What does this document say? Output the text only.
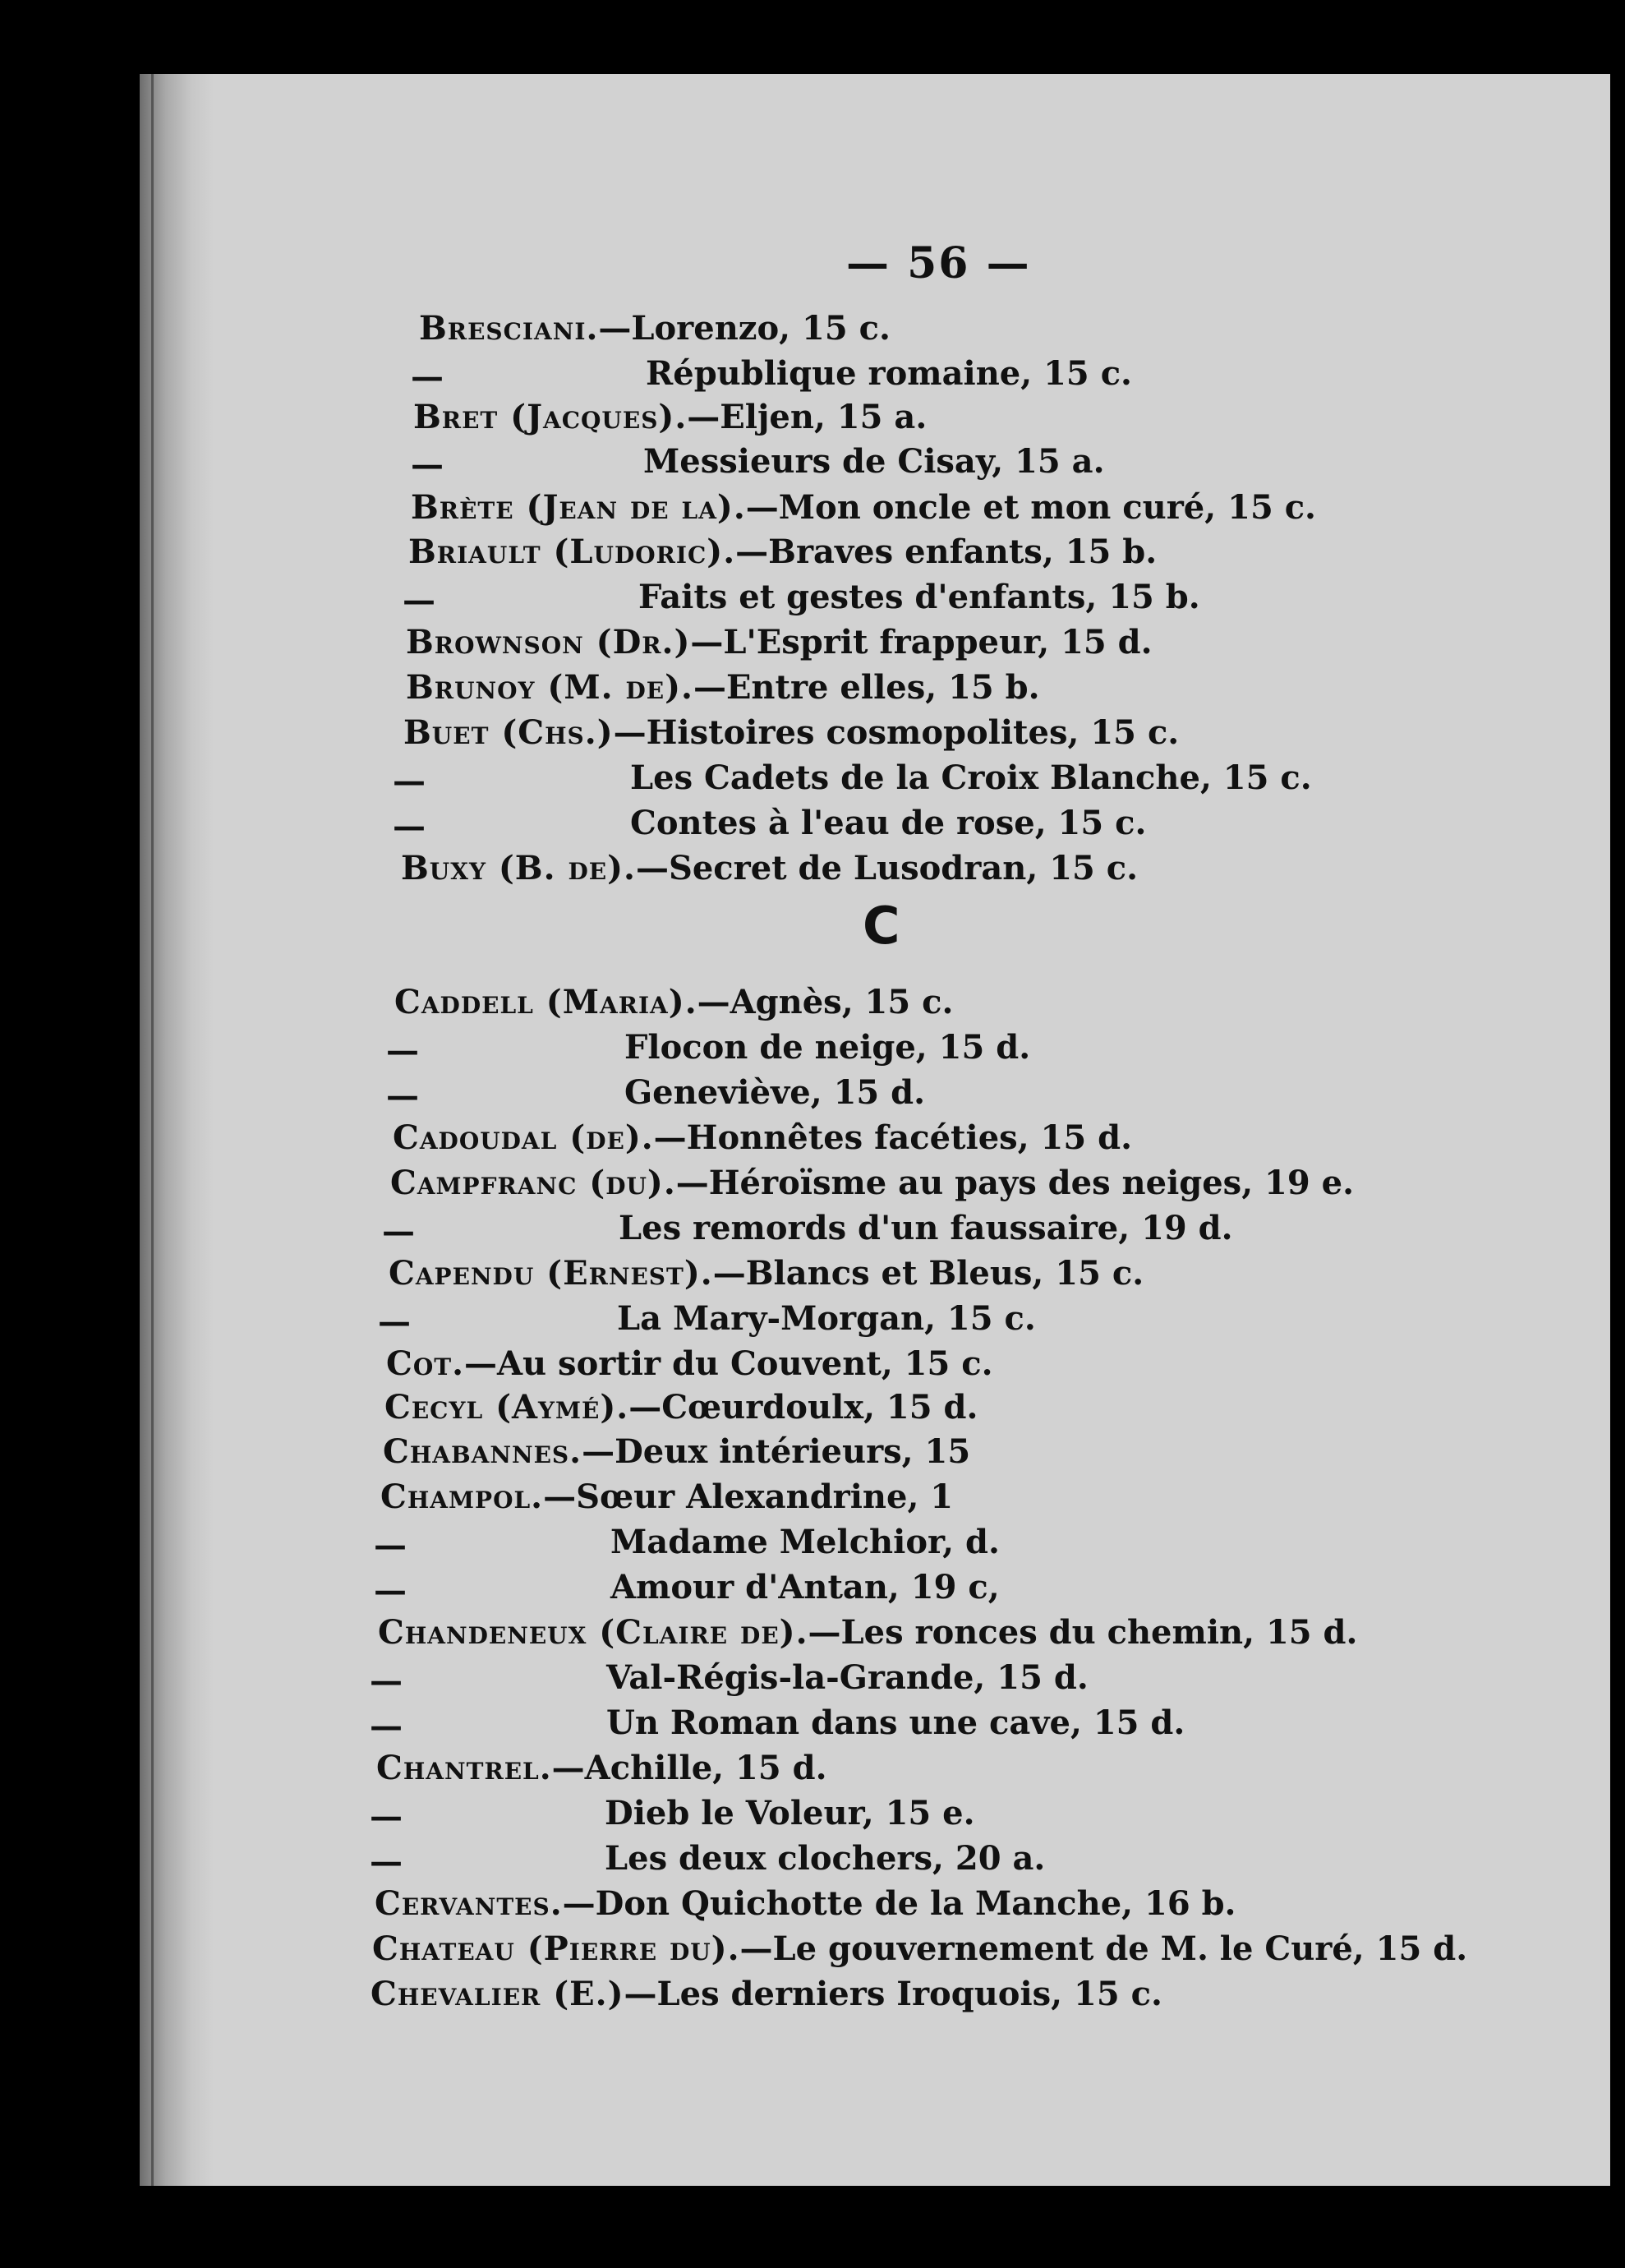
— 56 —
C
Bresciani.—Lorenzo, 15 c.
République romaine, 15 c.
—
Bret (Jacques).—Eljen, 15 a.
Messieurs de Cisay, 15 a.
—
Brète (Jean de la).—Mon oncle et mon curé, 15 c.
Briault (Ludoric).—Braves enfants, 15 b.
Faits et gestes d'enfants, 15 b.
—
Brownson (Dr.)—L'Esprit frappeur, 15 d.
Brunoy (M. de).—Entre elles, 15 b.
Buet (Chs.)—Histoires cosmopolites, 15 c.
Les Cadets de la Croix Blanche, 15 c.
—
Contes à l'eau de rose, 15 c.
—
Buxy (B. de).—Secret de Lusodran, 15 c.
Caddell (Maria).—Agnès, 15 c.
Flocon de neige, 15 d.
—
Geneviève, 15 d.
—
Cadoudal (de).—Honnêtes facéties, 15 d.
Campfranc (du).—Héroïsme au pays des neiges, 19 e.
Les remords d'un faussaire, 19 d.
—
Capendu (Ernest).—Blancs et Bleus, 15 c.
La Mary-Morgan, 15 c.
—
Cot.—Au sortir du Couvent, 15 c.
Cecyl (Aymé).—Cœurdoulx, 15 d.
Chabannes.—Deux intérieurs, 15
Champol.—Sœur Alexandrine, 1
Madame Melchior, d.
—
Amour d'Antan, 19 c,
—
Chandeneux (Claire de).—Les ronces du chemin, 15 d.
Val-Régis-la-Grande, 15 d.
—
Un Roman dans une cave, 15 d.
—
Chantrel.—Achille, 15 d.
Dieb le Voleur, 15 e.
—
Les deux clochers, 20 a.
—
Cervantes.—Don Quichotte de la Manche, 16 b.
Chateau (Pierre du).—Le gouvernement de M. le Curé, 15 d.
Chevalier (E.)—Les derniers Iroquois, 15 c.
